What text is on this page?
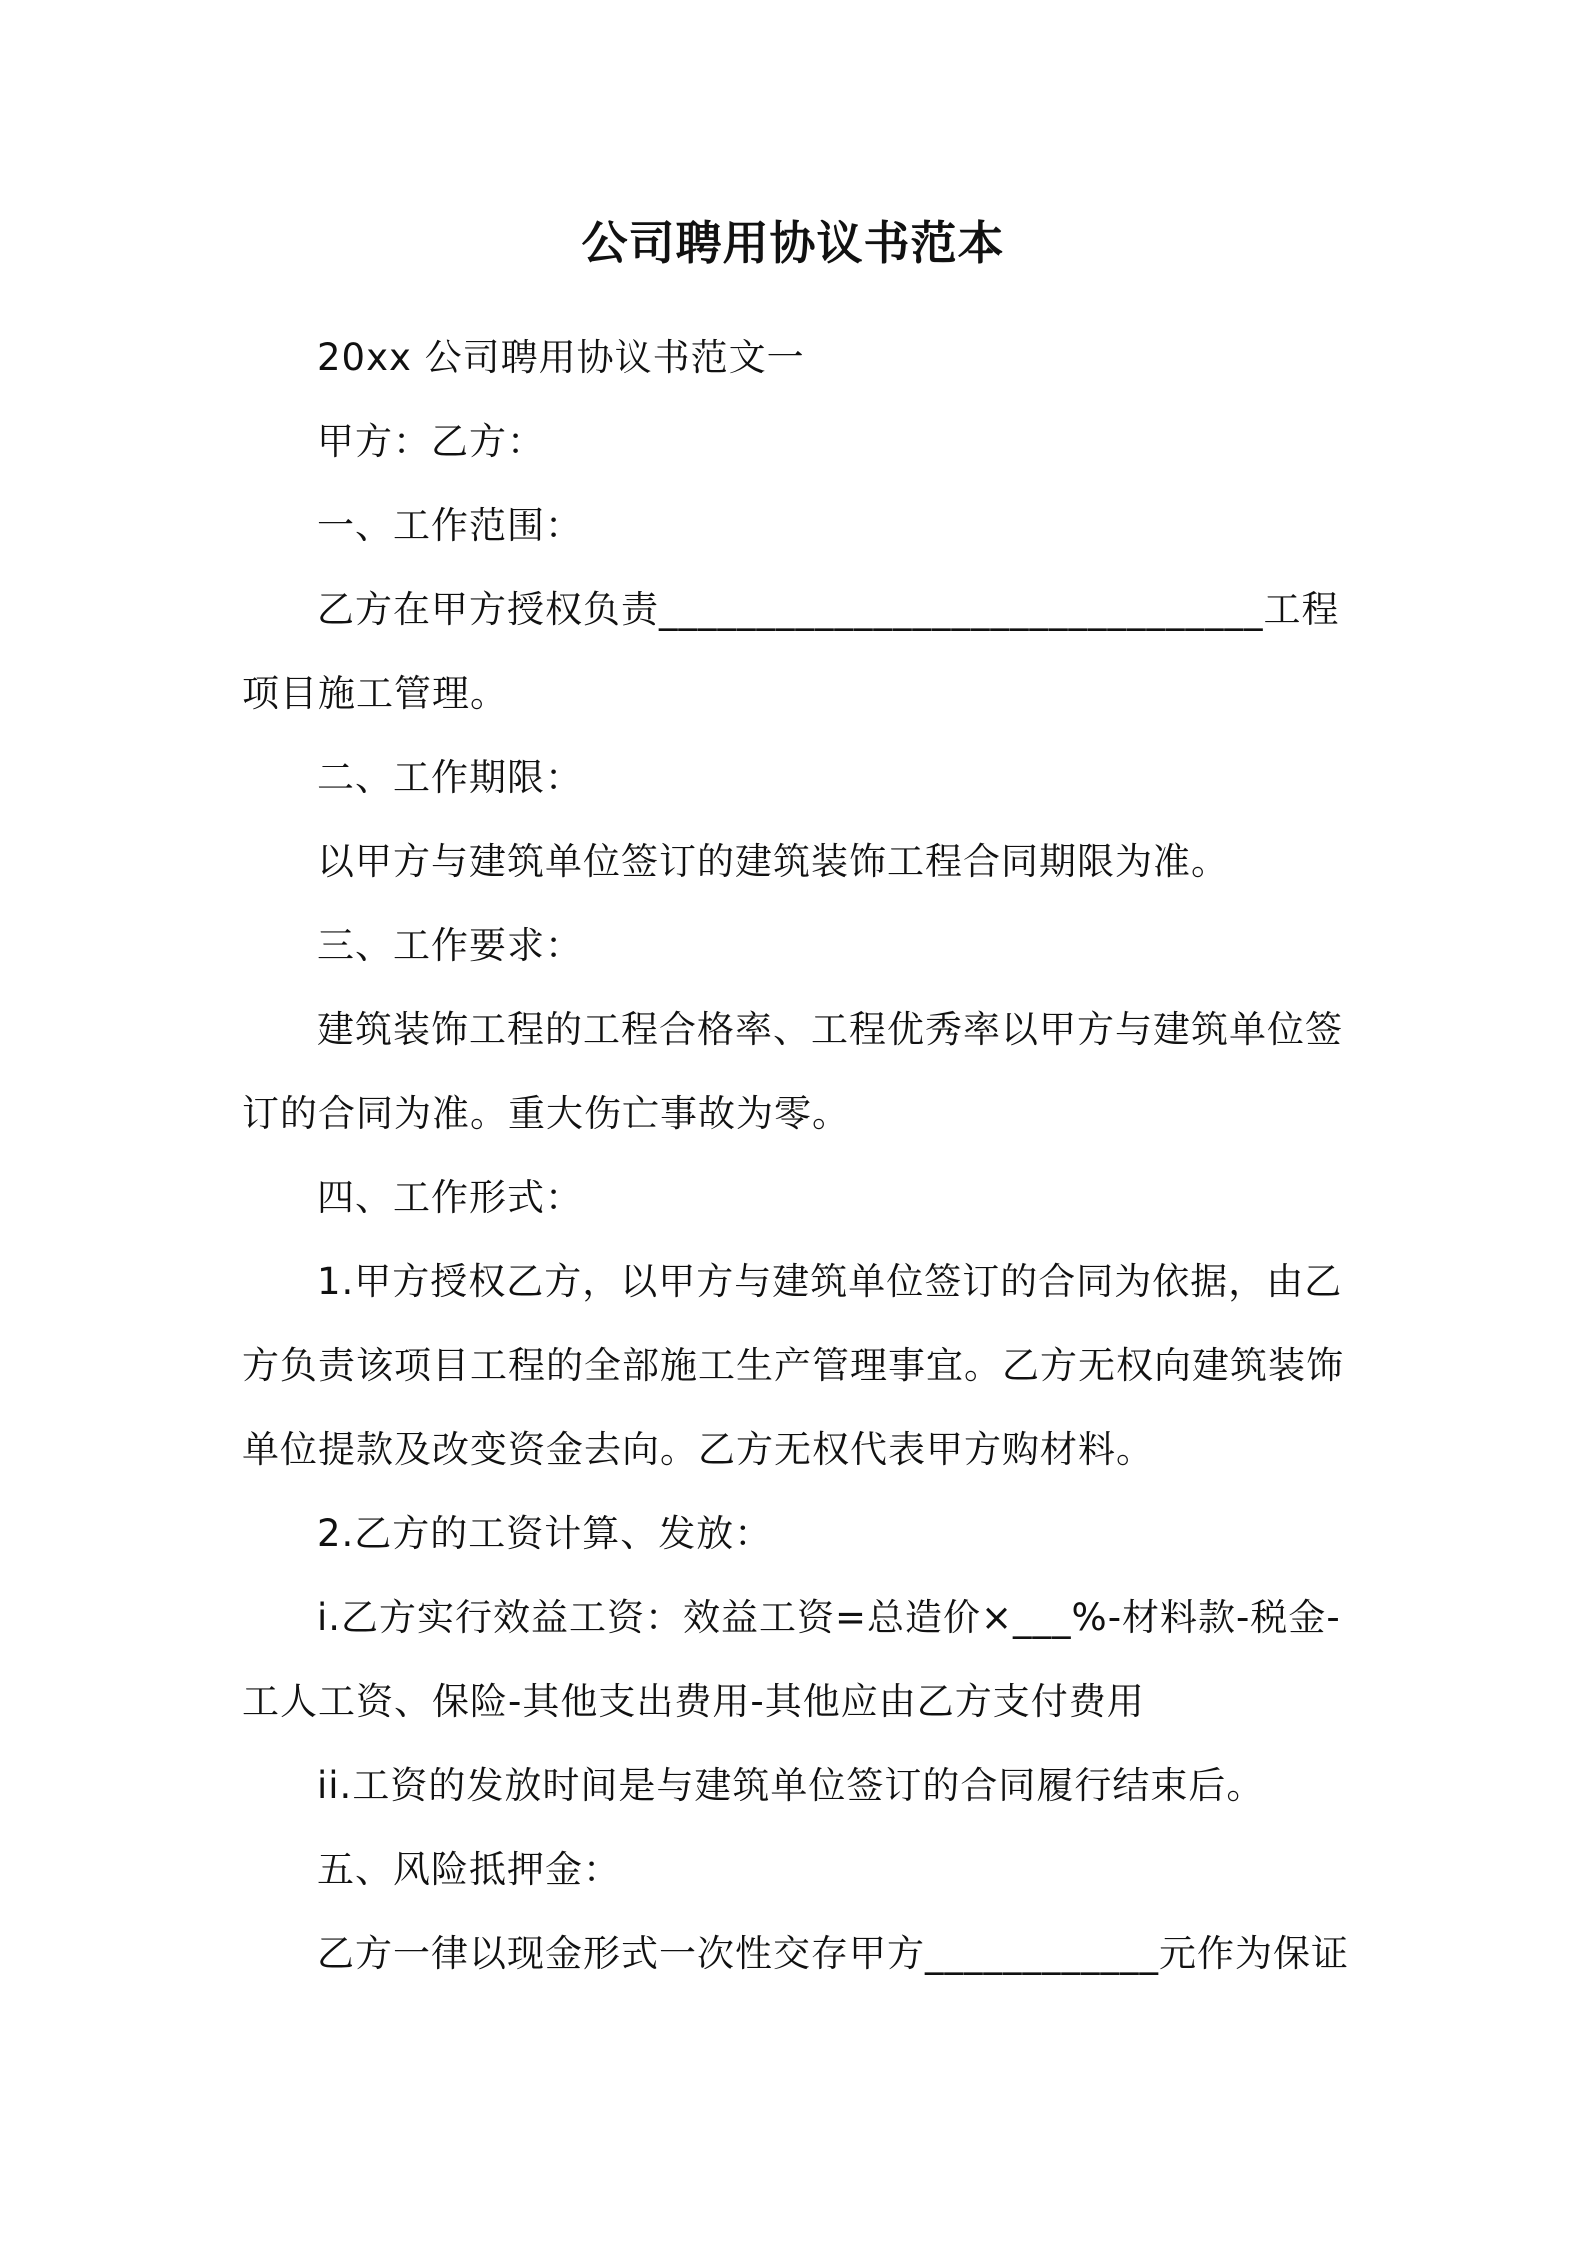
公司聘用协议书范本

20xx 公司聘用协议书范文一

甲方：乙方：

一、工作范围：

乙方在甲方授权负责_______________________________工程项目施工管理。

二、工作期限：

以甲方与建筑单位签订的建筑装饰工程合同期限为准。

三、工作要求：

建筑装饰工程的工程合格率、工程优秀率以甲方与建筑单位签订的合同为准。重大伤亡事故为零。

四、工作形式：

1.甲方授权乙方，以甲方与建筑单位签订的合同为依据，由乙方负责该项目工程的全部施工生产管理事宜。乙方无权向建筑装饰单位提款及改变资金去向。乙方无权代表甲方购材料。

2.乙方的工资计算、发放：

i.乙方实行效益工资：效益工资=总造价×___%-材料款-税金-工人工资、保险-其他支出费用-其他应由乙方支付费用

ii.工资的发放时间是与建筑单位签订的合同履行结束后。

五、风险抵押金：

乙方一律以现金形式一次性交存甲方____________元作为保证
